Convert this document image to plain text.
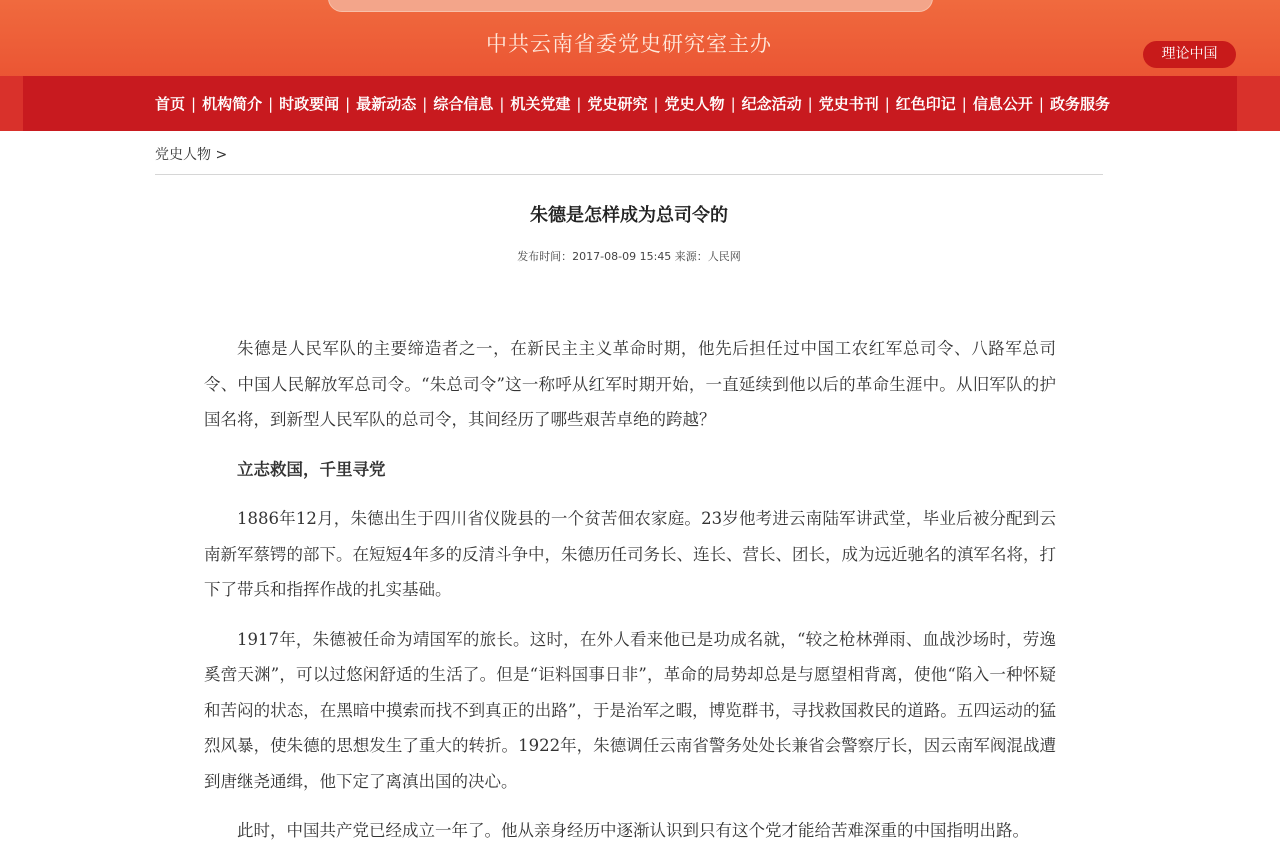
中共云南省委党史研究室主办	理论中国
首页 | 机构简介 | 时政要闻 | 最新动态 | 综合信息 | 机关党建 | 党史研究 | 党史人物 | 纪念活动 | 党史书刊 | 红色印记 | 信息公开 | 政务服务
党史人物 >
朱德是怎样成为总司令的
发布时间：2017-08-09 15:45 来源：人民网

朱德是人民军队的主要缔造者之一，在新民主主义革命时期，他先后担任过中国工农红军总司令、八路军总司令、中国人民解放军总司令。“朱总司令”这一称呼从红军时期开始，一直延续到他以后的革命生涯中。从旧军队的护国名将，到新型人民军队的总司令，其间经历了哪些艰苦卓绝的跨越？

立志救国，千里寻党

1886年12月，朱德出生于四川省仪陇县的一个贫苦佃农家庭。23岁他考进云南陆军讲武堂，毕业后被分配到云南新军蔡锷的部下。在短短4年多的反清斗争中，朱德历任司务长、连长、营长、团长，成为远近驰名的滇军名将，打下了带兵和指挥作战的扎实基础。

1917年，朱德被任命为靖国军的旅长。这时，在外人看来他已是功成名就，“较之枪林弹雨、血战沙场时，劳逸奚啻天渊”，可以过悠闲舒适的生活了。但是“讵料国事日非”，革命的局势却总是与愿望相背离，使他“陷入一种怀疑和苦闷的状态，在黑暗中摸索而找不到真正的出路”，于是治军之暇，博览群书，寻找救国救民的道路。五四运动的猛烈风暴，使朱德的思想发生了重大的转折。1922年，朱德调任云南省警务处处长兼省会警察厅长，因云南军阀混战遭到唐继尧通缉，他下定了离滇出国的决心。

此时，中国共产党已经成立一年了。他从亲身经历中逐渐认识到只有这个党才能给苦难深重的中国指明出路。
